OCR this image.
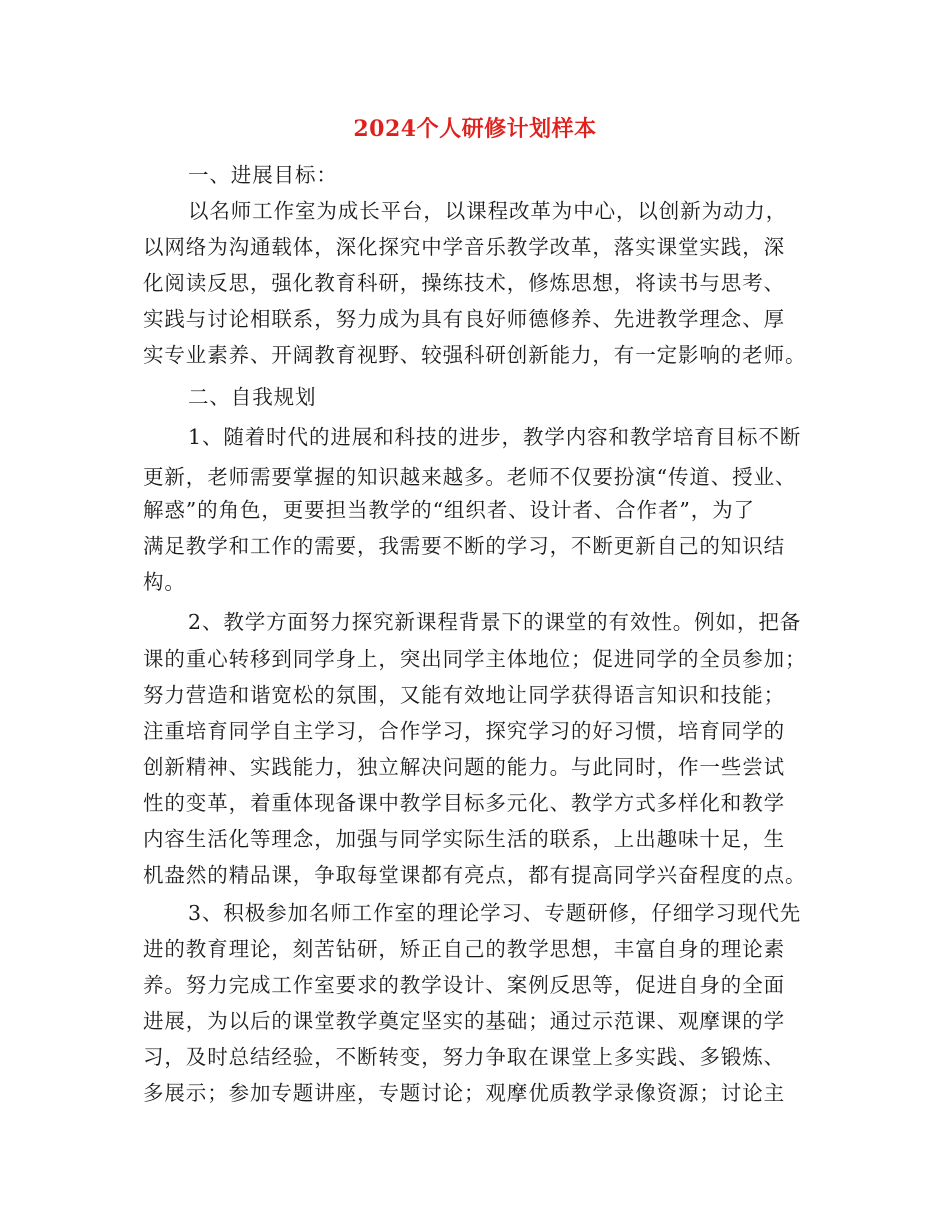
2024个人研修计划样本
一、进展目标：
以名师工作室为成长平台，以课程改革为中心，以创新为动力，
以网络为沟通载体，深化探究中学音乐教学改革，落实课堂实践，深
化阅读反思，强化教育科研，操练技术，修炼思想，将读书与思考、
实践与讨论相联系，努力成为具有良好师德修养、先进教学理念、厚
实专业素养、开阔教育视野、较强科研创新能力，有一定影响的老师。
二、自我规划
1、随着时代的进展和科技的进步，教学内容和教学培育目标不断
更新，老师需要掌握的知识越来越多。老师不仅要扮演“传道、授业、
解惑”的角色，更要担当教学的“组织者、设计者、合作者”，为了
满足教学和工作的需要，我需要不断的学习，不断更新自己的知识结
构。
2、教学方面努力探究新课程背景下的课堂的有效性。例如，把备
课的重心转移到同学身上，突出同学主体地位；促进同学的全员参加；
努力营造和谐宽松的氛围，又能有效地让同学获得语言知识和技能；
注重培育同学自主学习，合作学习，探究学习的好习惯，培育同学的
创新精神、实践能力，独立解决问题的能力。与此同时，作一些尝试
性的变革，着重体现备课中教学目标多元化、教学方式多样化和教学
内容生活化等理念，加强与同学实际生活的联系，上出趣味十足，生
机盎然的精品课，争取每堂课都有亮点，都有提高同学兴奋程度的点。
3、积极参加名师工作室的理论学习、专题研修，仔细学习现代先
进的教育理论，刻苦钻研，矫正自己的教学思想，丰富自身的理论素
养。努力完成工作室要求的教学设计、案例反思等，促进自身的全面
进展，为以后的课堂教学奠定坚实的基础；通过示范课、观摩课的学
习，及时总结经验，不断转变，努力争取在课堂上多实践、多锻炼、
多展示；参加专题讲座，专题讨论；观摩优质教学录像资源；讨论主
